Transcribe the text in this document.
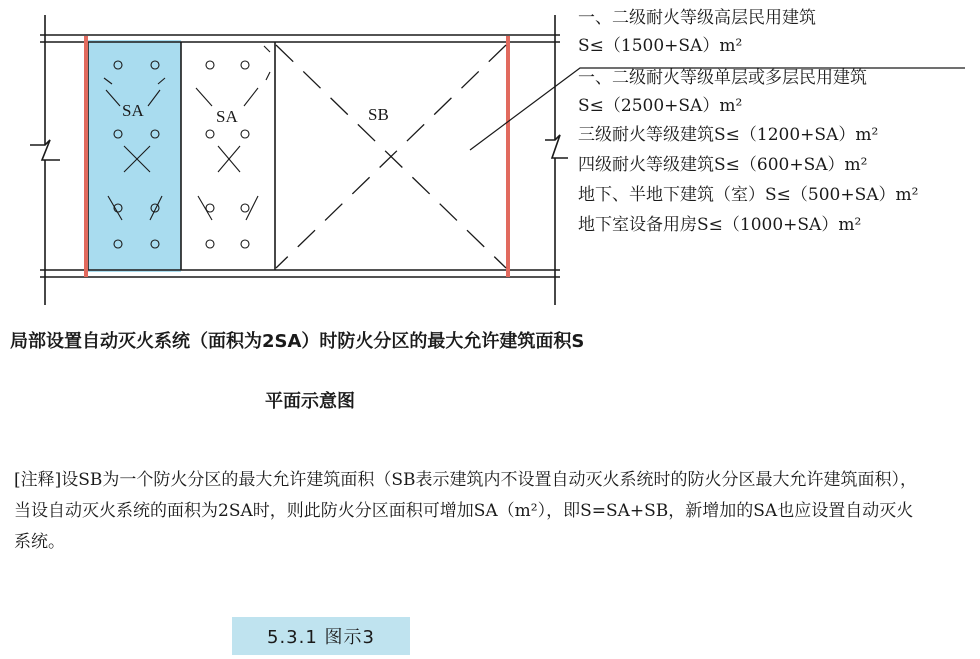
SA	SA	SB
一、二级耐火等级高层民用建筑
S≤（1500+SA）m²
一、二级耐火等级单层或多层民用建筑
S≤（2500+SA）m²
三级耐火等级建筑S≤（1200+SA）m²
四级耐火等级建筑S≤（600+SA）m²
地下、半地下建筑（室）S≤（500+SA）m²
地下室设备用房S≤（1000+SA）m²
局部设置自动灭火系统（面积为2SA）时防火分区的最大允许建筑面积S
平面示意图
[注释]设SB为一个防火分区的最大允许建筑面积（SB表示建筑内不设置自动灭火系统时的防火分区最大允许建筑面积），当设自动灭火系统的面积为2SA时，则此防火分区面积可增加SA（m²），即S=SA+SB，新增加的SA也应设置自动灭火系统。
5.3.1 图示3
